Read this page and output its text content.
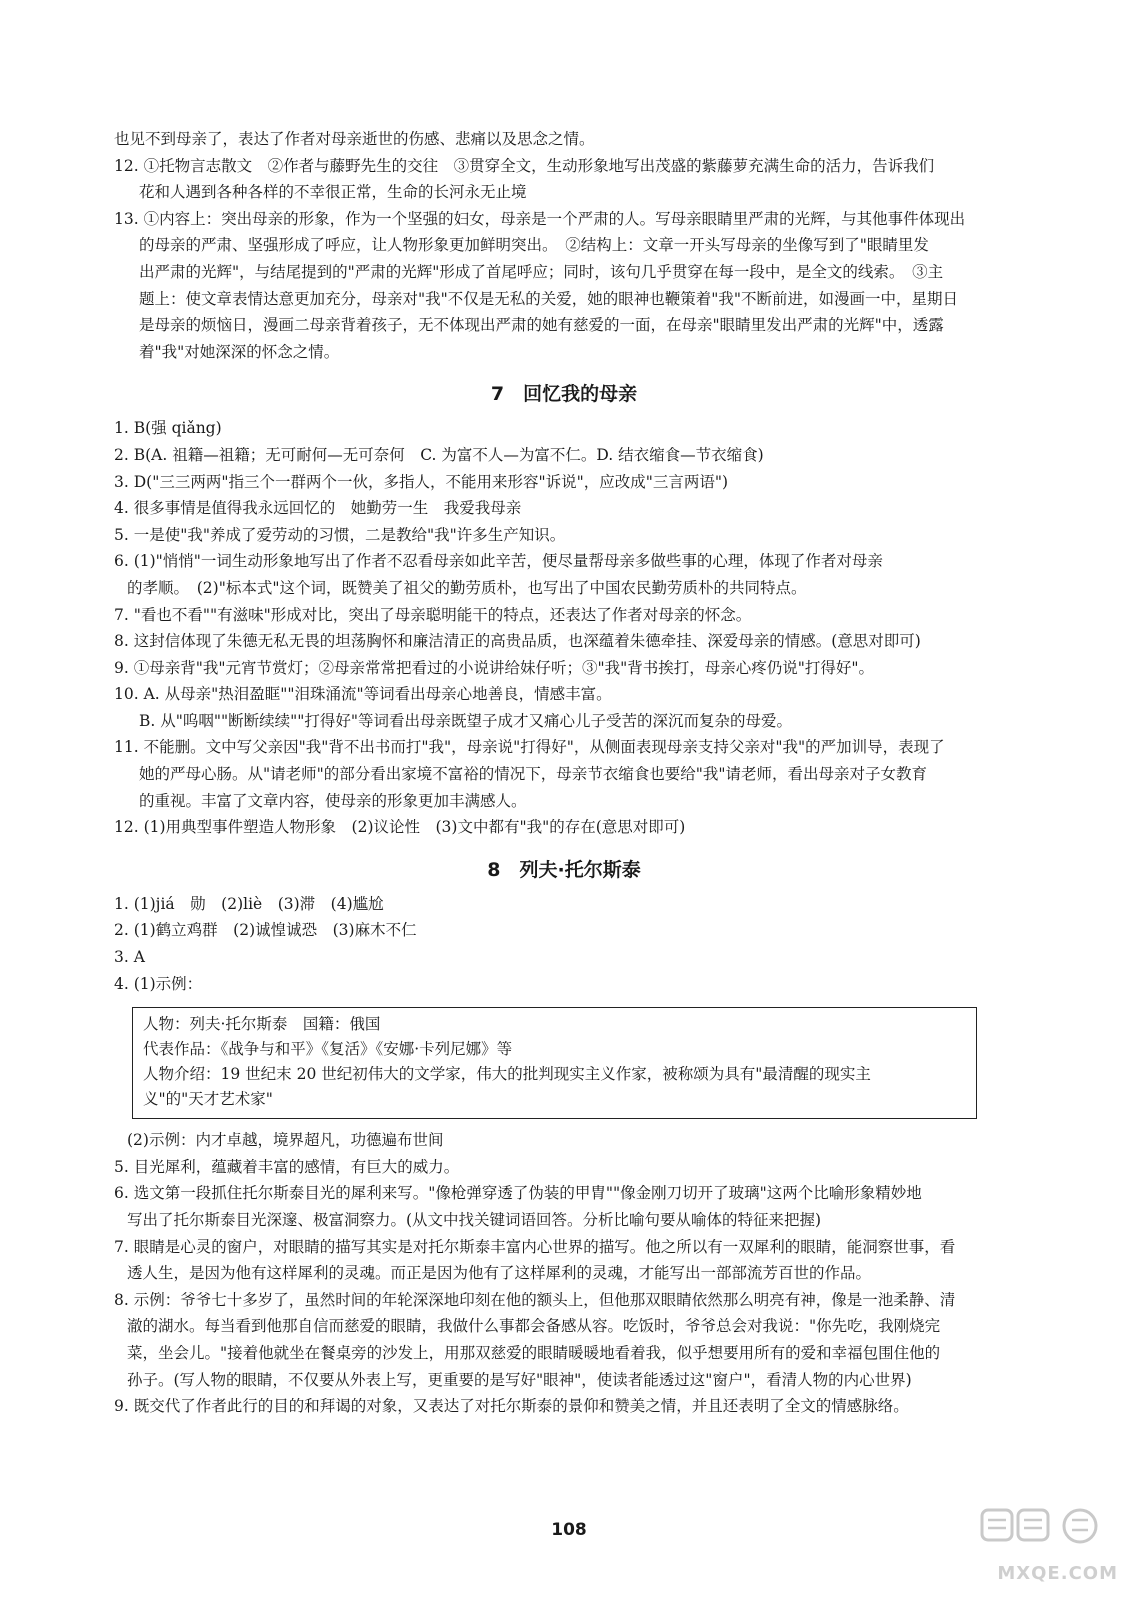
也见不到母亲了，表达了作者对母亲逝世的伤感、悲痛以及思念之情。

12. ①托物言志散文　②作者与藤野先生的交往　③贯穿全文，生动形象地写出茂盛的紫藤萝充满生命的活力，告诉我们

花和人遇到各种各样的不幸很正常，生命的长河永无止境

13. ①内容上：突出母亲的形象，作为一个坚强的妇女，母亲是一个严肃的人。写母亲眼睛里严肃的光辉，与其他事件体现出

的母亲的严肃、坚强形成了呼应，让人物形象更加鲜明突出。　②结构上：文章一开头写母亲的坐像写到了"眼睛里发

出严肃的光辉"，与结尾提到的"严肃的光辉"形成了首尾呼应；同时，该句几乎贯穿在每一段中，是全文的线索。　③主

题上：使文章表情达意更加充分，母亲对"我"不仅是无私的关爱，她的眼神也鞭策着"我"不断前进，如漫画一中，星期日

是母亲的烦恼日，漫画二母亲背着孩子，无不体现出严肃的她有慈爱的一面，在母亲"眼睛里发出严肃的光辉"中，透露

着"我"对她深深的怀念之情。

7　回忆我的母亲

1. B(强 qiǎng)

2. B(A. 祖籍—祖籍；无可耐何—无可奈何　C. 为富不人—为富不仁。D. 结衣缩食—节衣缩食)

3. D("三三两两"指三个一群两个一伙，多指人，不能用来形容"诉说"，应改成"三言两语")

4. 很多事情是值得我永远回忆的　她勤劳一生　我爱我母亲

5. 一是使"我"养成了爱劳动的习惯，二是教给"我"许多生产知识。

6. (1)"悄悄"一词生动形象地写出了作者不忍看母亲如此辛苦，便尽量帮母亲多做些事的心理，体现了作者对母亲

的孝顺。　(2)"标本式"这个词，既赞美了祖父的勤劳质朴，也写出了中国农民勤劳质朴的共同特点。

7. "看也不看""有滋味"形成对比，突出了母亲聪明能干的特点，还表达了作者对母亲的怀念。

8. 这封信体现了朱德无私无畏的坦荡胸怀和廉洁清正的高贵品质，也深蕴着朱德牵挂、深爱母亲的情感。(意思对即可)

9. ①母亲背"我"元宵节赏灯；②母亲常常把看过的小说讲给妹仔听；③"我"背书挨打，母亲心疼仍说"打得好"。

10. A. 从母亲"热泪盈眶""泪珠涌流"等词看出母亲心地善良，情感丰富。

B. 从"呜咽""断断续续""打得好"等词看出母亲既望子成才又痛心儿子受苦的深沉而复杂的母爱。

11. 不能删。文中写父亲因"我"背不出书而打"我"，母亲说"打得好"，从侧面表现母亲支持父亲对"我"的严加训导，表现了

她的严母心肠。从"请老师"的部分看出家境不富裕的情况下，母亲节衣缩食也要给"我"请老师，看出母亲对子女教育

的重视。丰富了文章内容，使母亲的形象更加丰满感人。

12. (1)用典型事件塑造人物形象　(2)议论性　(3)文中都有"我"的存在(意思对即可)

8　列夫·托尔斯泰

1. (1)jiá　勋　(2)liè　(3)滞　(4)尴尬

2. (1)鹤立鸡群　(2)诚惶诚恐　(3)麻木不仁

3. A

4. (1)示例：

人物：列夫·托尔斯泰　国籍：俄国

代表作品：《战争与和平》《复活》《安娜·卡列尼娜》等

人物介绍：19 世纪末 20 世纪初伟大的文学家，伟大的批判现实主义作家，被称颂为具有"最清醒的现实主

义"的"天才艺术家"

(2)示例：内才卓越，境界超凡，功德遍布世间

5. 目光犀利，蕴藏着丰富的感情，有巨大的威力。

6. 选文第一段抓住托尔斯泰目光的犀利来写。"像枪弹穿透了伪装的甲胄""像金刚刀切开了玻璃"这两个比喻形象精妙地

写出了托尔斯泰目光深邃、极富洞察力。(从文中找关键词语回答。分析比喻句要从喻体的特征来把握)

7. 眼睛是心灵的窗户，对眼睛的描写其实是对托尔斯泰丰富内心世界的描写。他之所以有一双犀利的眼睛，能洞察世事，看

透人生，是因为他有这样犀利的灵魂。而正是因为他有了这样犀利的灵魂，才能写出一部部流芳百世的作品。

8. 示例：爷爷七十多岁了，虽然时间的年轮深深地印刻在他的额头上，但他那双眼睛依然那么明亮有神，像是一池柔静、清

澈的湖水。每当看到他那自信而慈爱的眼睛，我做什么事都会备感从容。吃饭时，爷爷总会对我说："你先吃，我刚烧完

菜，坐会儿。"接着他就坐在餐桌旁的沙发上，用那双慈爱的眼睛暖暖地看着我，似乎想要用所有的爱和幸福包围住他的

孙子。(写人物的眼睛，不仅要从外表上写，更重要的是写好"眼神"，使读者能透过这"窗户"，看清人物的内心世界)

9. 既交代了作者此行的目的和拜谒的对象，又表达了对托尔斯泰的景仰和赞美之情，并且还表明了全文的情感脉络。

108
MXQE.COM
